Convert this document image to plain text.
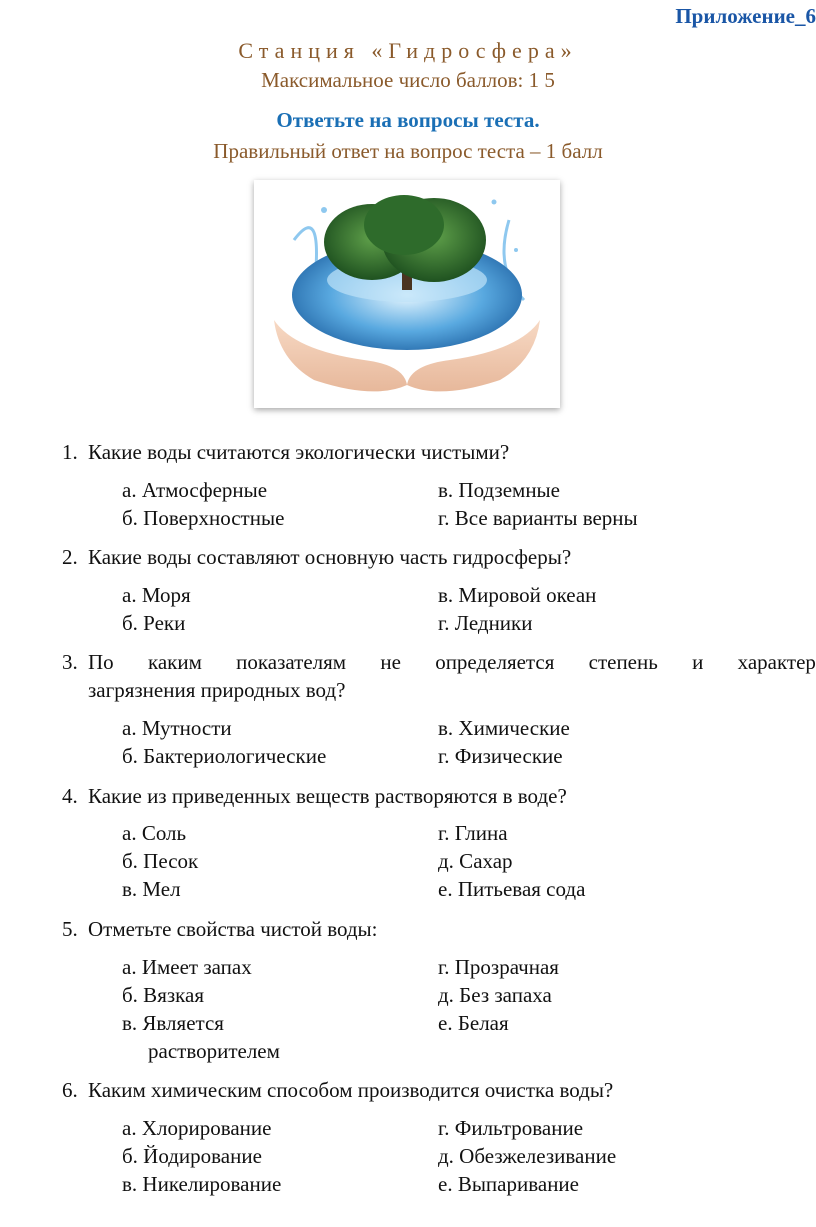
Приложение_6
Станция «Гидросфера»
Максимальное число баллов: 1 5
Ответьте на вопросы теста.
Правильный ответ на вопрос теста – 1 балл
1. Какие воды считаются экологически чистыми?
а. Атмосферные
б. Поверхностные
в. Подземные
г. Все варианты верны
2. Какие воды составляют основную часть гидросферы?
а. Моря
б. Реки
в. Мировой океан
г. Ледники
3. По каким показателям не определяется степень и характер
загрязнения природных вод?
а. Мутности
б. Бактериологические
в. Химические
г. Физические
4. Какие из приведенных веществ растворяются в воде?
а. Соль
б. Песок
в. Мел
г. Глина
д. Сахар
е. Питьевая сода
5. Отметьте свойства чистой воды:
а. Имеет запах
б. Вязкая
в. Является растворителем
г. Прозрачная
д. Без запаха
е. Белая
6. Каким химическим способом производится очистка воды?
а. Хлорирование
б. Йодирование
в. Никелирование
г. Фильтрование
д. Обезжелезивание
е. Выпаривание
